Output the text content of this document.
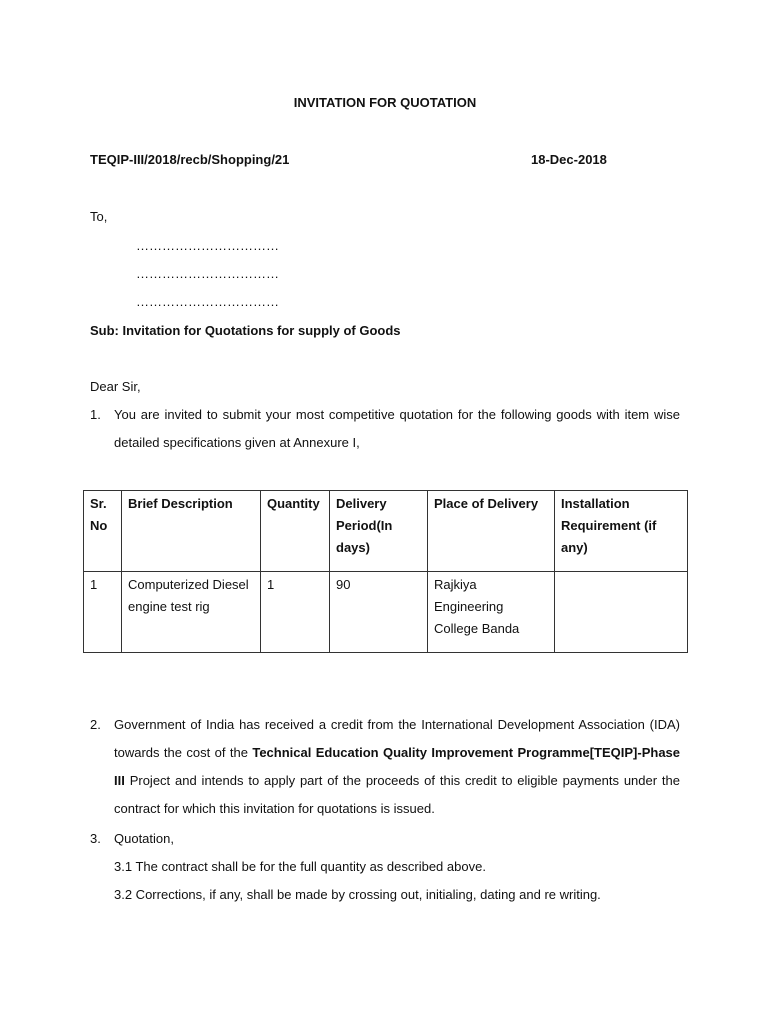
INVITATION FOR QUOTATION
TEQIP-III/2018/recb/Shopping/21	18-Dec-2018
To,
……………………………
……………………………
……………………………
Sub: Invitation for Quotations for supply of Goods
Dear Sir,
1. You are invited to submit your most competitive quotation for the following goods with item wise detailed specifications given at Annexure I,
Sr. No	Brief Description	Quantity	Delivery Period(In days)	Place of Delivery	Installation Requirement (if any)
1	Computerized Diesel engine test rig	1	90	Rajkiya Engineering College Banda	
2. Government of India has received a credit from the International Development Association (IDA) towards the cost of the Technical Education Quality Improvement Programme[TEQIP]-Phase III Project and intends to apply part of the proceeds of this credit to eligible payments under the contract for which this invitation for quotations is issued.
3. Quotation,
3.1 The contract shall be for the full quantity as described above.
3.2 Corrections, if any, shall be made by crossing out, initialing, dating and re writing.
